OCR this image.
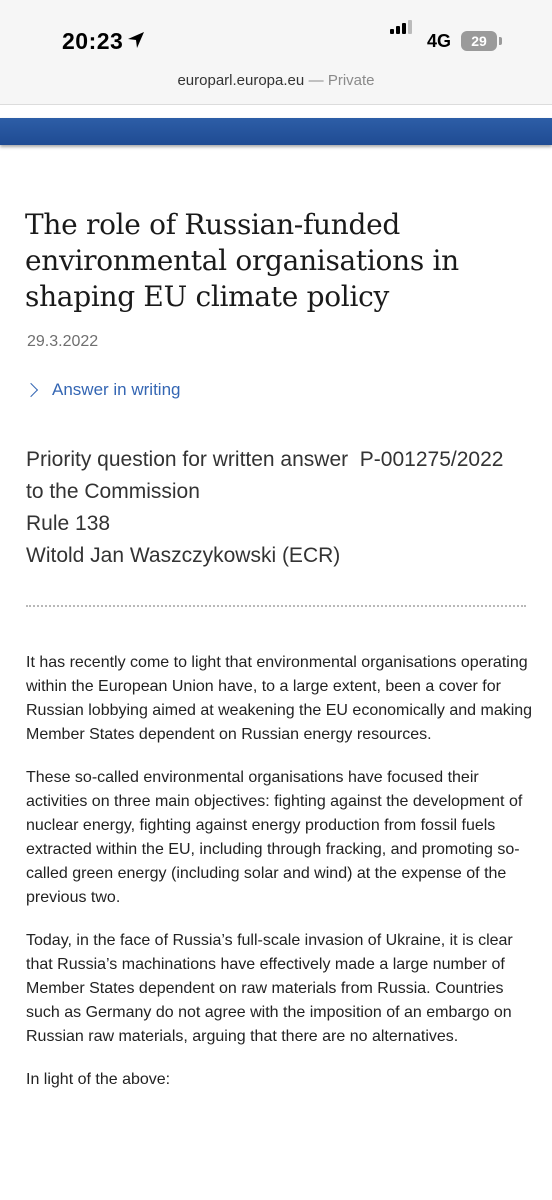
20:23	4G	29
europarl.europa.eu — Private
The role of Russian-funded environmental organisations in shaping EU climate policy
29.3.2022
Answer in writing
Priority question for written answer  P-001275/2022
to the Commission
Rule 138
Witold Jan Waszczykowski (ECR)

It has recently come to light that environmental organisations operating within the European Union have, to a large extent, been a cover for Russian lobbying aimed at weakening the EU economically and making Member States dependent on Russian energy resources.

These so-called environmental organisations have focused their activities on three main objectives: fighting against the development of nuclear energy, fighting against energy production from fossil fuels extracted within the EU, including through fracking, and promoting so-called green energy (including solar and wind) at the expense of the previous two.

Today, in the face of Russia’s full-scale invasion of Ukraine, it is clear that Russia’s machinations have effectively made a large number of Member States dependent on raw materials from Russia. Countries such as Germany do not agree with the imposition of an embargo on Russian raw materials, arguing that there are no alternatives.

In light of the above:
